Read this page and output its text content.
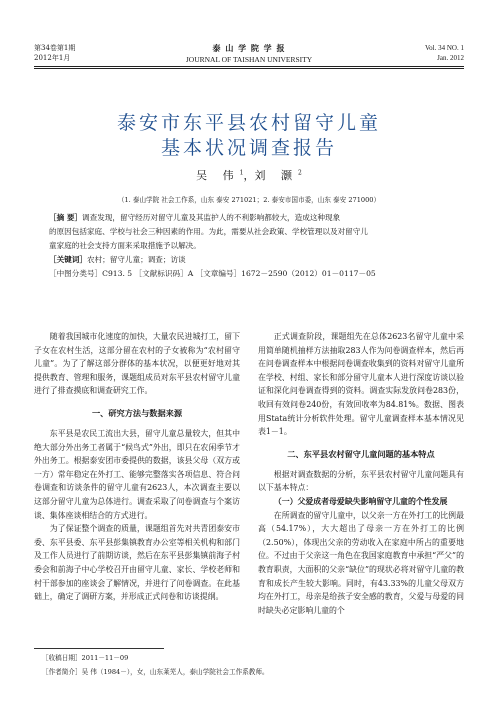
第34卷第1期
2012年1月
泰 山 学 院 学 报
JOURNAL OF TAISHAN UNIVERSITY
Vol. 34 NO. 1
Jan. 2012
泰安市东平县农村留守儿童
基本状况调查报告
吴 伟$^1$，刘 灏$^2$
（1. 泰山学院 社会工作系，山东 泰安 271021；2. 泰安市国市委，山东 泰安 271000）
［摘 要］调查发现，留守经历对留守儿童及其监护人的不利影响都较大，造成这种现象
的原因包括家庭、学校与社会三种因素的作用。为此，需要从社会政策、学校管理以及对留守儿
童家庭的社会支持方面来采取措施予以解决。
［关键词］农村；留守儿童；调查；访谈
［中图分类号］C913. 5 ［文献标识码］A ［文章编号］1672－2590（2012）01－0117－05

随着我国城市化速度的加快，大量农民进城打工，留下子女在农村生活，这部分留在农村的子女被称为“农村留守儿童”。为了了解这部分群体的基本状况，以便更好地对其提供教育、管理和服务，课题组成员对东平县农村留守儿童进行了排查摸底和调查研究工作。

一、研究方法与数据来源

东平县是农民工流出大县，留守儿童总量较大，但其中绝大部分外出务工者属于“候鸟式”外出，即只在农闲季节才外出务工。根据泰安团市委提供的数据，该县父母（双方或一方）常年稳定在外打工、能够完整落实各项信息、符合问卷调查和访谈条件的留守儿童有2623人，本次调查主要以这部分留守儿童为总体进行。调查采取了问卷调查与个案访谈、集体座谈相结合的方式进行。

为了保证整个调查的质量，课题组首先对共青团泰安市委、东平县委、东平县彭集镇教育办公室等相关机构和部门及工作人员进行了前期访谈，然后在东平县彭集镇前海子村委会和前海子中心学校召开由留守儿童、家长、学校老师和村干部参加的座谈会了解情况，并进行了问卷调查。在此基础上，确定了调研方案，并形成正式问卷和访谈提纲。

正式调查阶段，课题组先在总体2623名留守儿童中采用简单随机抽样方法抽取283人作为问卷调查样本，然后再在问卷调查样本中根据问卷调查收集到的资料对留守儿童所在学校、村组、家长和部分留守儿童本人进行深度访谈以验证和深化问卷调查得到的资料。调查实际发放问卷283份，收回有效问卷240份，有效回收率为84.81%。数据、图表用Stata统计分析软件处理。留守儿童调查样本基本情况见表1－1。

二、东平县农村留守儿童问题的基本特点

根据对调查数据的分析，东平县农村留守儿童问题具有以下基本特点：

（一）父爱成者母爱缺失影响留守儿童的个性发展

在所调查的留守儿童中，以父亲一方在外打工的比例最高（54.17%），大大超出了母亲一方在外打工的比例（2.50%），体现出父亲的劳动收入在家庭中所占的重要地位。不过由于父亲这一角色在我国家庭教育中承担“严父”的教育职责，大面积的父亲“缺位”的现状必将对留守儿童的教育和成长产生较大影响。同时，有43.33%的儿童父母双方均在外打工，母亲是给孩子安全感的教育，父爱与母爱的同时缺失必定影响儿童的个

［收稿日期］2011－11－09
［作者简介］吴 伟（1984－），女，山东莱芜人，泰山学院社会工作系教师。
